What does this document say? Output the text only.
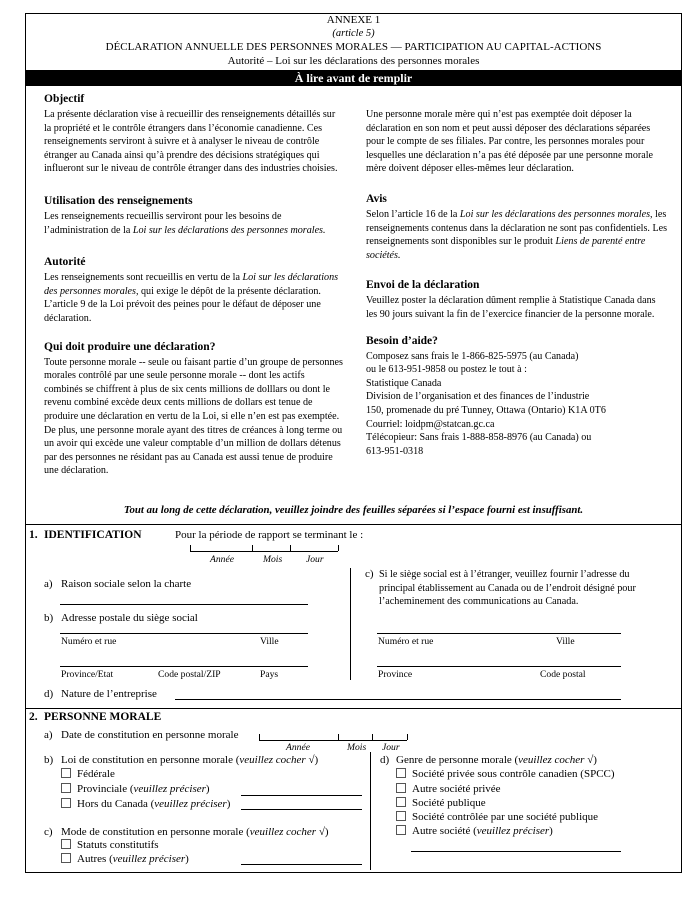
ANNEXE 1
(article 5)
DÉCLARATION ANNUELLE DES PERSONNES MORALES — PARTICIPATION AU CAPITAL-ACTIONS
Autorité – Loi sur les déclarations des personnes morales
À lire avant de remplir
Objectif

La présente déclaration vise à recueillir des renseignements détaillés sur la propriété et le contrôle étrangers dans l’économie canadienne. Ces renseignements serviront à suivre et à analyser le niveau de contrôle étranger au Canada ainsi qu’à prendre des décisions stratégiques qui influeront sur le niveau de contrôle étranger dans des industries choisies.

Utilisation des renseignements

Les renseignements recueillis serviront pour les besoins de l’administration de la Loi sur les déclarations des personnes morales.

Autorité

Les renseignements sont recueillis en vertu de la Loi sur les déclarations des personnes morales, qui exige le dépôt de la présente déclaration. L’article 9 de la Loi prévoit des peines pour le défaut de déposer une déclaration.

Qui doit produire une déclaration?

Toute personne morale -- seule ou faisant partie d’un groupe de personnes morales contrôlé par une seule personne morale -- dont les actifs combinés se chiffrent à plus de six cents millions de dolllars ou dont le revenu combiné excède deux cents millions de dollars est tenue de produire une déclaration en vertu de la Loi, si elle n’en est pas exemptée. De plus, une personne morale ayant des titres de créances à long terme ou un avoir qui excède une valeur comptable d’un million de dollars détenus par des personnes ne résidant pas au Canada est aussi tenue de produire une déclaration.

Une personne morale mère qui n’est pas exemptée doit déposer la déclaration en son nom et peut aussi déposer des déclarations séparées pour le compte de ses filiales. Par contre, les personnes morales pour lesquelles une déclaration n’a pas été déposée par une personne morale mère doivent déposer elles-mêmes leur déclaration.

Avis

Selon l’article 16 de la Loi sur les déclarations des personnes morales, les renseignements contenus dans la déclaration ne sont pas confidentiels. Les renseignements sont disponibles sur le produit Liens de parenté entre sociétés.

Envoi de la déclaration

Veuillez poster la déclaration dûment remplie à Statistique Canada dans les 90 jours suivant la fin de l’exercice financier de la personne morale.

Besoin d’aide?
Composez sans frais le 1-866-825-5975 (au Canada)
ou le 613-951-9858 ou postez le tout à :
Statistique Canada
Division de l’organisation et des finances de l’industrie
150, promenade du pré Tunney, Ottawa (Ontario) K1A 0T6
Courriel: loidpm@statcan.gc.ca
Télécopieur: Sans frais 1-888-858-8976 (au Canada) ou
613-951-0318
Tout au long de cette déclaration, veuillez joindre des feuilles séparées si l’espace fourni est insuffisant.
1. IDENTIFICATION	Pour la période de rapport se terminant le :
Année	Mois Jour
a) Raison sociale selon la charte
b) Adresse postale du siège social
Numéro et rue	Ville
Province/Etat	Code postal/ZIP	Pays
c) Si le siège social est à l’étranger, veuillez fournir l’adresse du principal établissement au Canada ou de l’endroit désigné pour l’acheminement des communications au Canada.
Numéro et rue	Ville
Province	Code postal
d) Nature de l’entreprise
2. PERSONNE MORALE
a) Date de constitution en personne morale
Année	Mois Jour
b) Loi de constitution en personne morale (veuillez cocher √)
Fédérale
Provinciale (veuillez préciser)
Hors du Canada (veuillez préciser)
c) Mode de constitution en personne morale (veuillez cocher √)
Statuts constitutifs
Autres (veuillez préciser)
d) Genre de personne morale (veuillez cocher √)
Société privée sous contrôle canadien (SPCC)
Autre société privée
Société publique
Société contrôlée par une société publique
Autre société (veuillez préciser)
